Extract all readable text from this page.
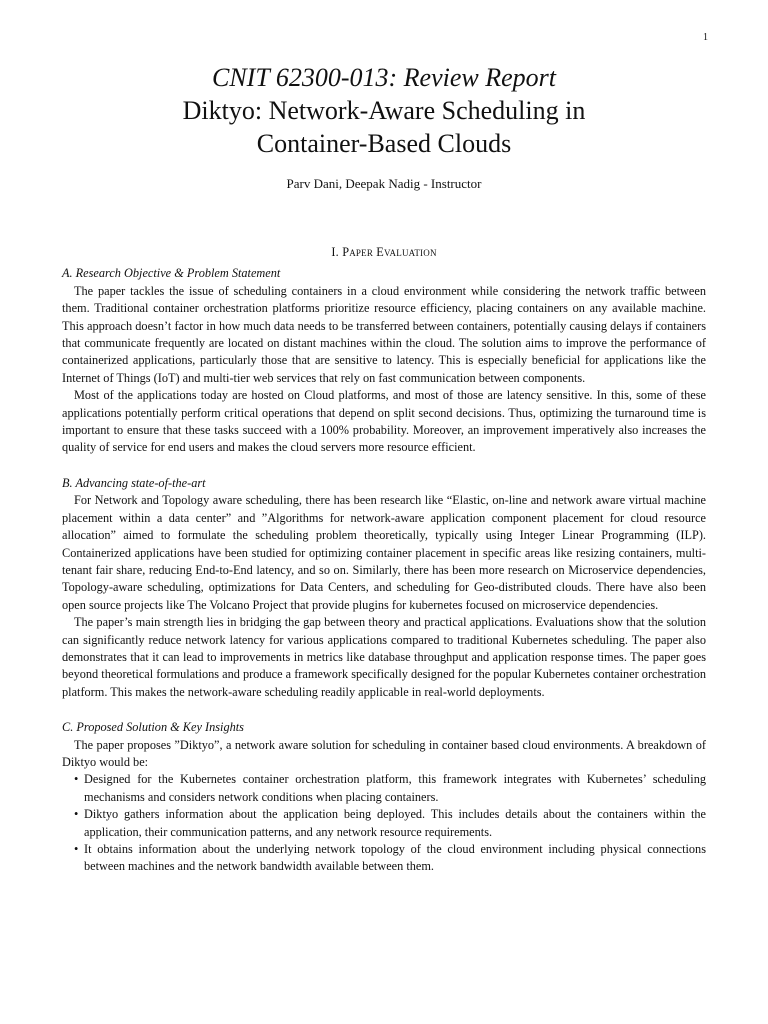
1
CNIT 62300-013: Review Report
Diktyo: Network-Aware Scheduling in
Container-Based Clouds
Parv Dani, Deepak Nadig - Instructor
I. Paper Evaluation
A. Research Objective & Problem Statement

The paper tackles the issue of scheduling containers in a cloud environment while considering the network traffic between them. Traditional container orchestration platforms prioritize resource efficiency, placing containers on any available machine. This approach doesn’t factor in how much data needs to be transferred between containers, potentially causing delays if containers that communicate frequently are located on distant machines within the cloud. The solution aims to improve the performance of containerized applications, particularly those that are sensitive to latency. This is especially beneficial for applications like the Internet of Things (IoT) and multi-tier web services that rely on fast communication between components.

Most of the applications today are hosted on Cloud platforms, and most of those are latency sensitive. In this, some of these applications potentially perform critical operations that depend on split second decisions. Thus, optimizing the turnaround time is important to ensure that these tasks succeed with a 100% probability. Moreover, an improvement imperatively also increases the quality of service for end users and makes the cloud servers more resource efficient.

B. Advancing state-of-the-art

For Network and Topology aware scheduling, there has been research like “Elastic, on-line and network aware virtual machine placement within a data center” and ”Algorithms for network-aware application component placement for cloud resource allocation” aimed to formulate the scheduling problem theoretically, typically using Integer Linear Programming (ILP). Containerized applications have been studied for optimizing container placement in specific areas like resizing containers, multi-tenant fair share, reducing End-to-End latency, and so on. Similarly, there has been more research on Microservice dependencies, Topology-aware scheduling, optimizations for Data Centers, and scheduling for Geo-distributed clouds. There have also been open source projects like The Volcano Project that provide plugins for kubernetes focused on microservice dependencies.

The paper’s main strength lies in bridging the gap between theory and practical applications. Evaluations show that the solution can significantly reduce network latency for various applications compared to traditional Kubernetes scheduling. The paper also demonstrates that it can lead to improvements in metrics like database throughput and application response times. The paper goes beyond theoretical formulations and produce a framework specifically designed for the popular Kubernetes container orchestration platform. This makes the network-aware scheduling readily applicable in real-world deployments.

C. Proposed Solution & Key Insights

The paper proposes ”Diktyo”, a network aware solution for scheduling in container based cloud environments. A breakdown of Diktyo would be:

• Designed for the Kubernetes container orchestration platform, this framework integrates with Kubernetes’ scheduling mechanisms and considers network conditions when placing containers.
• Diktyo gathers information about the application being deployed. This includes details about the containers within the application, their communication patterns, and any network resource requirements.
• It obtains information about the underlying network topology of the cloud environment including physical connections between machines and the network bandwidth available between them.
